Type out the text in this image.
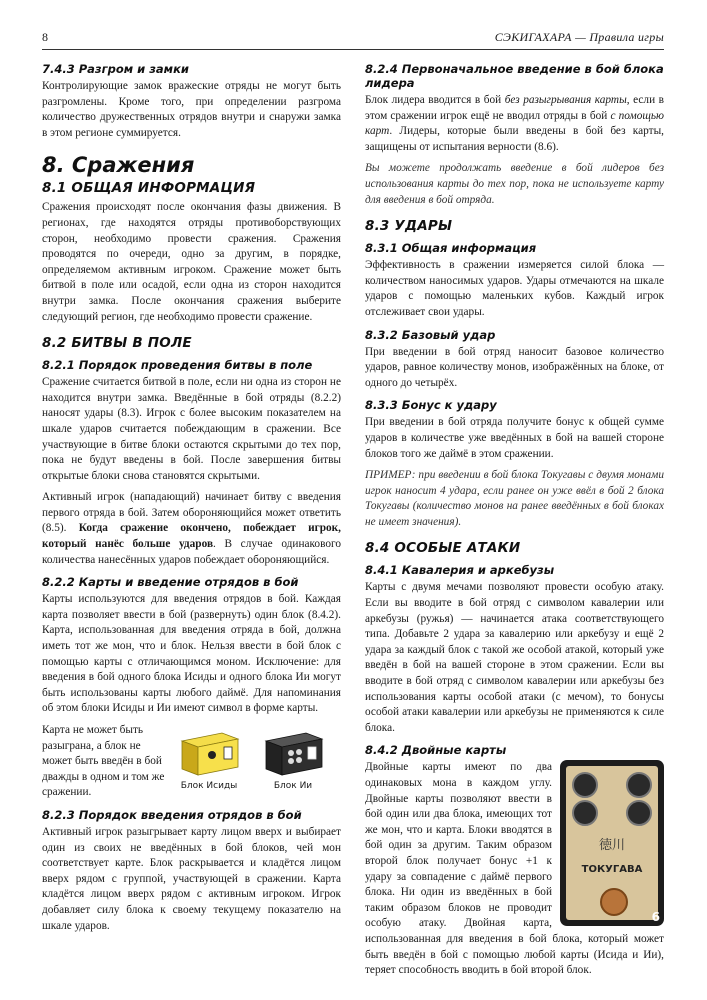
8	СЭКИГАХАРА — Правила игры
7.4.3 Разгром и замки

Контролирующие замок вражеские отряды не могут быть разгромлены. Кроме того, при определении разгрома количество дружественных отрядов внутри и снаружи замка в этом регионе суммируется.

8. Сражения
8.1 ОБЩАЯ ИНФОРМАЦИЯ

Сражения происходят после окончания фазы движения. В регионах, где находятся отряды противоборствующих сторон, необходимо провести сражения. Сражения проводятся по очереди, одно за другим, в порядке, определяемом активным игроком. Сражение может быть битвой в поле или осадой, если одна из сторон находится внутри замка. После окончания сражения выберите следующий регион, где необходимо провести сражение.

8.2 БИТВЫ В ПОЛЕ
8.2.1 Порядок проведения битвы в поле

Сражение считается битвой в поле, если ни одна из сторон не находится внутри замка. Введённые в бой отряды (8.2.2) наносят удары (8.3). Игрок с более высоким показателем на шкале ударов считается побеждающим в сражении. Все участвующие в битве блоки остаются скрытыми до тех пор, пока не будут введены в бой. После завершения битвы открытые блоки снова становятся скрытыми.

Активный игрок (нападающий) начинает битву с введения первого отряда в бой. Затем обороняющийся может ответить (8.5). Когда сражение окончено, побеждает игрок, который нанёс больше ударов. В случае одинакового количества нанесённых ударов побеждает обороняющийся.

8.2.2 Карты и введение отрядов в бой

Карты используются для введения отрядов в бой. Каждая карта позволяет ввести в бой (развернуть) один блок (8.4.2). Карта, использованная для введения отряда в бой, должна иметь тот же мон, что и блок. Нельзя ввести в бой блок с помощью карты с отличающимся моном. Исключение: для введения в бой одного блока Исиды и одного блока Ии могут быть использованы карты любого даймё. Для напоминания об этом блоки Исиды и Ии имеют символ в форме карты.

Карта не может быть разыграна, а блок не может быть введён в бой дважды в одном и том же сражении.

Блок Исиды	Блок Ии
8.2.3 Порядок введения отрядов в бой

Активный игрок разыгрывает карту лицом вверх и выбирает один из своих не введённых в бой блоков, чей мон соответствует карте. Блок раскрывается и кладётся лицом вверх рядом с группой, участвующей в сражении. Карта кладётся лицом вверх рядом с активным игроком. Игрок добавляет силу блока к своему текущему показателю на шкале ударов.

8.2.4 Первоначальное введение в бой блока лидера

Блок лидера вводится в бой без разыгрывания карты, если в этом сражении игрок ещё не вводил отряды в бой с помощью карт. Лидеры, которые были введены в бой без карты, защищены от испытания верности (8.6).

Вы можете продолжать введение в бой лидеров без использования карты до тех пор, пока не используете карту для введения в бой отряда.

8.3 УДАРЫ
8.3.1 Общая информация

Эффективность в сражении измеряется силой блока — количеством наносимых ударов. Удары отмечаются на шкале ударов с помощью маленьких кубов. Каждый игрок отслеживает свои удары.

8.3.2 Базовый удар

При введении в бой отряд наносит базовое количество ударов, равное количеству монов, изображённых на блоке, от одного до четырёх.

8.3.3 Бонус к удару

При введении в бой отряда получите бонус к общей сумме ударов в количестве уже введённых в бой на вашей стороне блоков того же даймё в этом сражении.

ПРИМЕР: при введении в бой блока Токугавы с двумя монами игрок наносит 4 удара, если ранее он уже ввёл в бой 2 блока Токугавы (количество монов на ранее введённых в бой блоках не имеет значения).

8.4 ОСОБЫЕ АТАКИ
8.4.1 Кавалерия и аркебузы

Карты с двумя мечами позволяют провести особую атаку. Если вы вводите в бой отряд с символом кавалерии или аркебузы (ружья) — начинается атака соответствующего типа. Добавьте 2 удара за кавалерию или аркебузу и ещё 2 удара за каждый блок с такой же особой атакой, который уже введён в бой на вашей стороне в этом сражении. Если вы вводите в бой отряд с символом кавалерии или аркебузы без использования карты особой атаки (с мечом), то бонусы особой атаки кавалерии или аркебузы не применяются к силе блока.

8.4.2 Двойные карты
徳川
ТОКУГАВА
6

Двойные карты имеют по два одинаковых мона в каждом углу. Двойные карты позволяют ввести в бой один или два блока, имеющих тот же мон, что и карта. Блоки вводятся в бой один за другим. Таким образом второй блок получает бонус +1 к удару за совпадение с даймё первого блока. Ни один из введённых в бой таким образом блоков не проводит особую атаку. Двойная карта, использованная для введения в бой блока, который может быть введён в бой с помощью любой карты (Исида и Ии), теряет способность вводить в бой второй блок.
